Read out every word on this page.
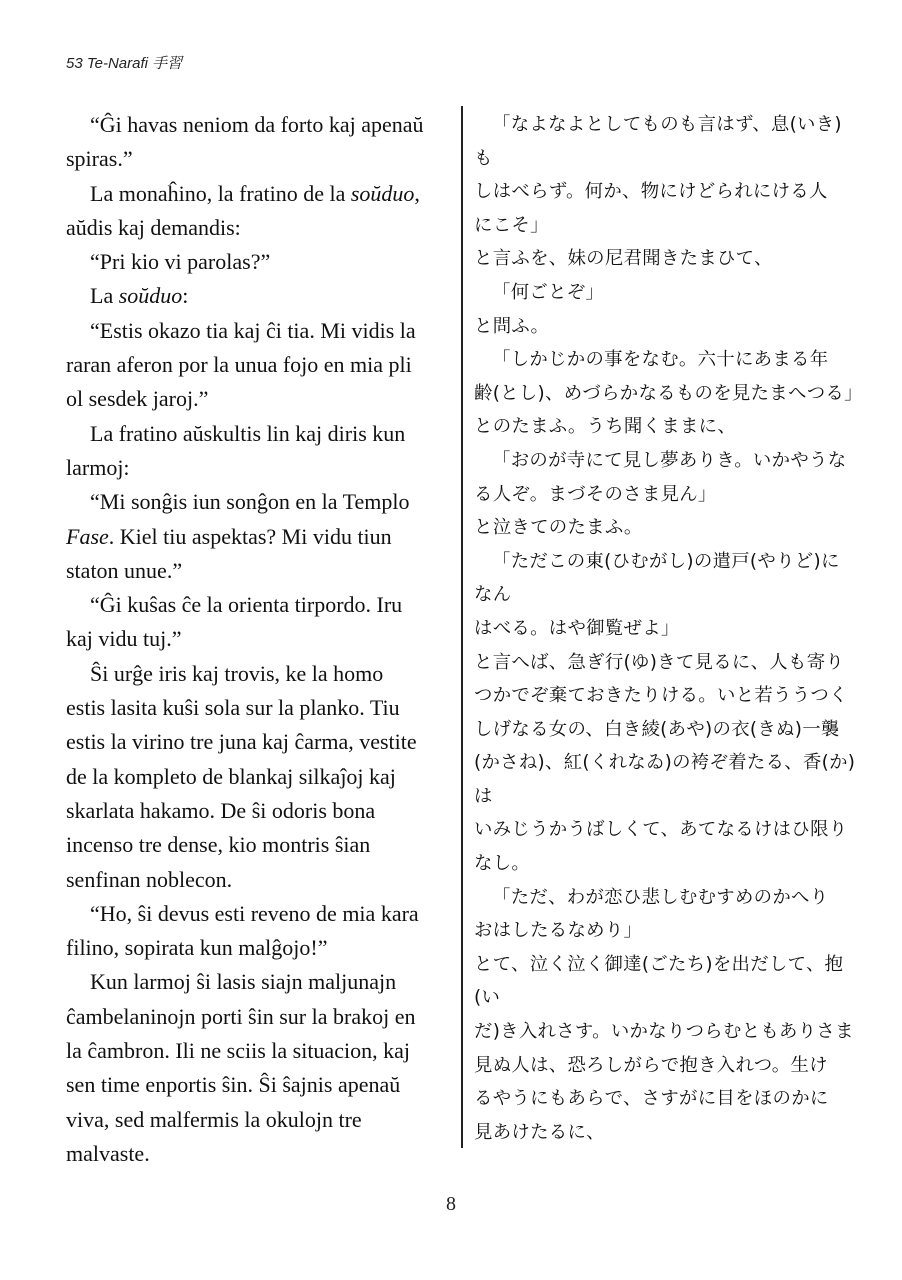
53 Te-Narafi 手習
“Ĝi havas neniom da forto kaj apenaŭ
spiras.”
La monaĥino, la fratino de la soŭduo,
aŭdis kaj demandis:
“Pri kio vi parolas?”
La soŭduo:
“Estis okazo tia kaj ĉi tia. Mi vidis la
raran aferon por la unua fojo en mia pli
ol sesdek jaroj.”
La fratino aŭskultis lin kaj diris kun
larmoj:
“Mi sonĝis iun sonĝon en la Templo
Fase. Kiel tiu aspektas? Mi vidu tiun
staton unue.”
“Ĝi kuŝas ĉe la orienta tirpordo. Iru
kaj vidu tuj.”
Ŝi urĝe iris kaj trovis, ke la homo
estis lasita kuŝi sola sur la planko. Tiu
estis la virino tre juna kaj ĉarma, vestite
de la kompleto de blankaj silkaĵoj kaj
skarlata hakamo. De ŝi odoris bona
incenso tre dense, kio montris ŝian
senfinan noblecon.
“Ho, ŝi devus esti reveno de mia kara
filino, sopirata kun malĝojo!”
Kun larmoj ŝi lasis siajn maljunajn
ĉambelaninojn porti ŝin sur la brakoj en
la ĉambron. Ili ne sciis la situacion, kaj
sen time enportis ŝin. Ŝi ŝajnis apenaŭ
viva, sed malfermis la okulojn tre
malvaste.
「なよなよとしてものも言はず、息(いき)も
しはべらず。何か、物にけどられにける人
にこそ」
と言ふを、妹の尼君聞きたまひて、
「何ごとぞ」
と問ふ。
「しかじかの事をなむ。六十にあまる年
齢(とし)、めづらかなるものを見たまへつる」
とのたまふ。うち聞くままに、
「おのが寺にて見し夢ありき。いかやうな
る人ぞ。まづそのさま見ん」
と泣きてのたまふ。
「ただこの東(ひむがし)の遣戸(やりど)になん
はべる。はや御覧ぜよ」
と言へば、急ぎ行(ゆ)きて見るに、人も寄り
つかでぞ棄ておきたりける。いと若ううつく
しげなる女の、白き綾(あや)の衣(きぬ)一襲
(かさね)、紅(くれなゐ)の袴ぞ着たる、香(か)は
いみじうかうばしくて、あてなるけはひ限り
なし。
「ただ、わが恋ひ悲しむむすめのかへり
おはしたるなめり」
とて、泣く泣く御達(ごたち)を出だして、抱(い
だ)き入れさす。いかなりつらむともありさま
見ぬ人は、恐ろしがらで抱き入れつ。生け
るやうにもあらで、さすがに目をほのかに
見あけたるに、
8
